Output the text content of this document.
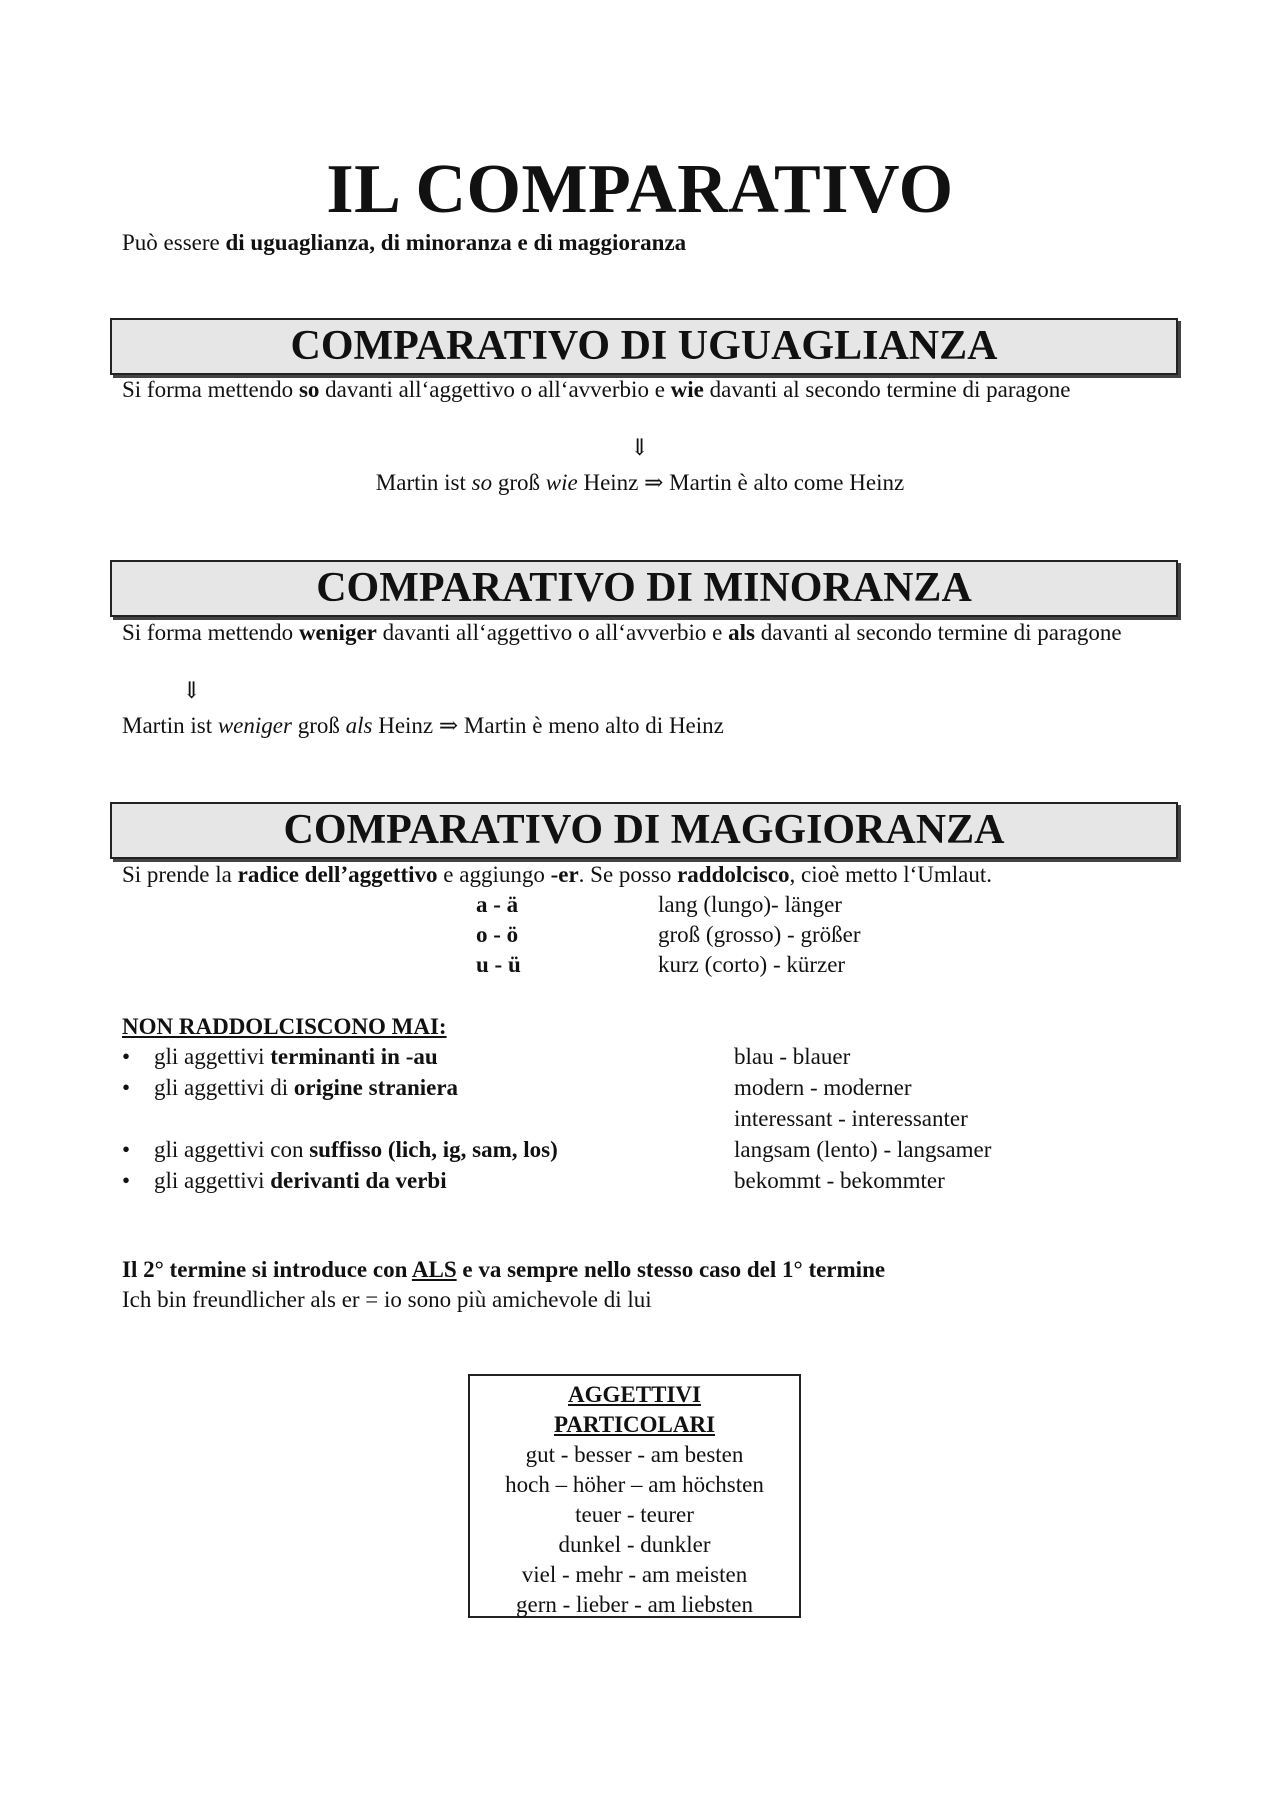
IL COMPARATIVO
Può essere di uguaglianza, di minoranza e di maggioranza
COMPARATIVO DI UGUAGLIANZA
Si forma mettendo so davanti all‘aggettivo o all‘avverbio e wie davanti al secondo termine di paragone
⇓
Martin ist so groß wie Heinz ⇒ Martin è alto come Heinz
COMPARATIVO DI MINORANZA
Si forma mettendo weniger davanti all‘aggettivo o all‘avverbio e als davanti al secondo termine di paragone
⇓
Martin ist weniger groß als Heinz ⇒ Martin è meno alto di Heinz
COMPARATIVO DI MAGGIORANZA
Si prende la radice dell’aggettivo e aggiungo -er. Se posso raddolcisco, cioè metto l‘Umlaut.
a - ä	lang (lungo)- länger
o - ö	groß (grosso) - größer
u - ü	kurz (corto) - kürzer
NON RADDOLCISCONO MAI:
• gli aggettivi terminanti in -au	blau - blauer
• gli aggettivi di origine straniera	modern - moderner
interessant - interessanter
• gli aggettivi con suffisso (lich, ig, sam, los)	langsam (lento) - langsamer
• gli aggettivi derivanti da verbi	bekommt - bekommter
Il 2° termine si introduce con ALS e va sempre nello stesso caso del 1° termine
Ich bin freundlicher als er = io sono più amichevole di lui
AGGETTIVI
PARTICOLARI
gut - besser - am besten
hoch – höher – am höchsten
teuer - teurer
dunkel - dunkler
viel - mehr - am meisten
gern - lieber - am liebsten
